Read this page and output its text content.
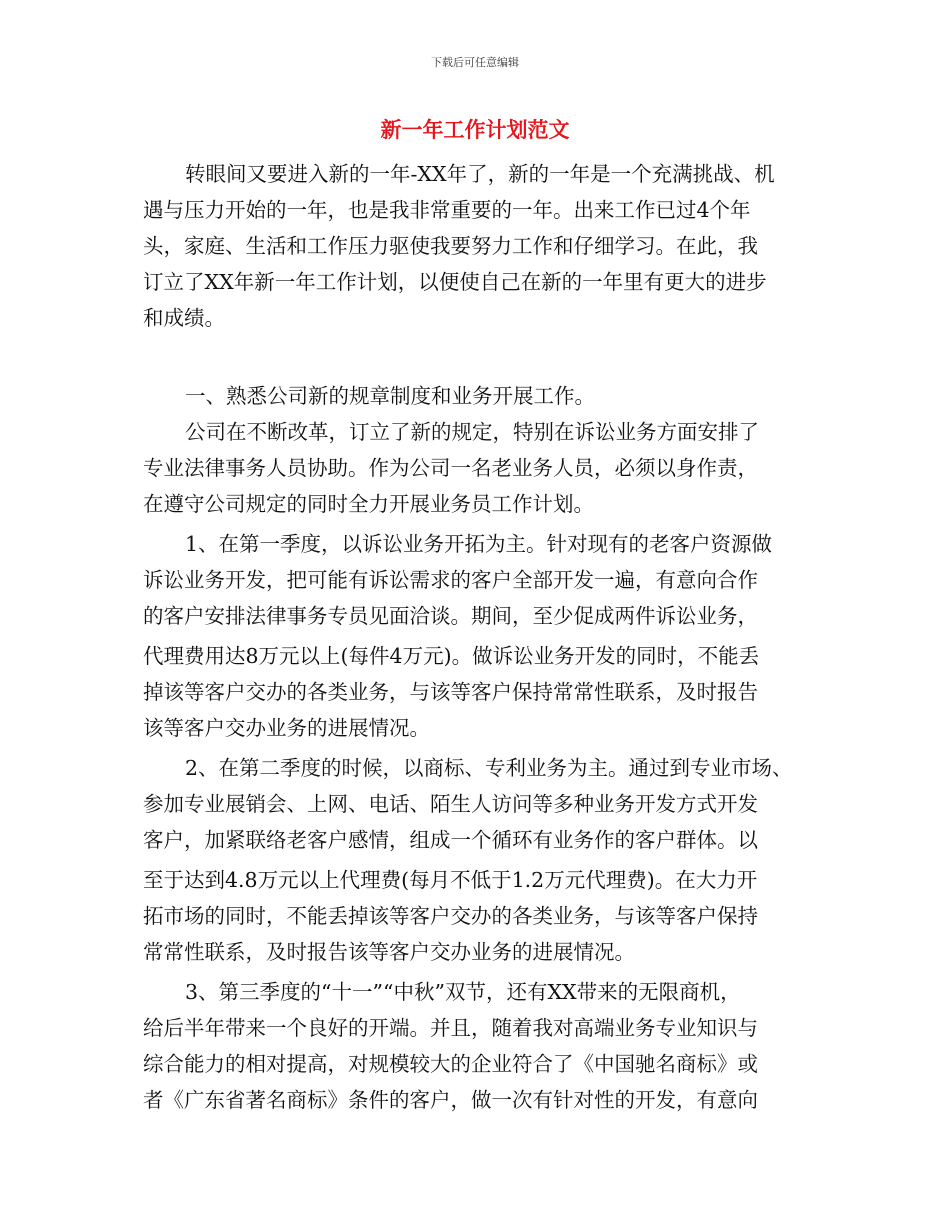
下载后可任意编辑
新一年工作计划范文
转眼间又要进入新的一年-XX年了，新的一年是一个充满挑战、机
遇与压力开始的一年，也是我非常重要的一年。出来工作已过4个年
头，家庭、生活和工作压力驱使我要努力工作和仔细学习。在此，我
订立了XX年新一年工作计划，以便使自己在新的一年里有更大的进步
和成绩。
一、熟悉公司新的规章制度和业务开展工作。
公司在不断改革，订立了新的规定，特别在诉讼业务方面安排了
专业法律事务人员协助。作为公司一名老业务人员，必须以身作责，
在遵守公司规定的同时全力开展业务员工作计划。
1、在第一季度，以诉讼业务开拓为主。针对现有的老客户资源做
诉讼业务开发，把可能有诉讼需求的客户全部开发一遍，有意向合作
的客户安排法律事务专员见面洽谈。期间，至少促成两件诉讼业务，
代理费用达8万元以上(每件4万元)。做诉讼业务开发的同时，不能丢
掉该等客户交办的各类业务，与该等客户保持常常性联系，及时报告
该等客户交办业务的进展情况。
2、在第二季度的时候，以商标、专利业务为主。通过到专业市场、
参加专业展销会、上网、电话、陌生人访问等多种业务开发方式开发
客户，加紧联络老客户感情，组成一个循环有业务作的客户群体。以
至于达到4.8万元以上代理费(每月不低于1.2万元代理费)。在大力开
拓市场的同时，不能丢掉该等客户交办的各类业务，与该等客户保持
常常性联系，及时报告该等客户交办业务的进展情况。
3、第三季度的“十一”“中秋”双节，还有XX带来的无限商机，
给后半年带来一个良好的开端。并且，随着我对高端业务专业知识与
综合能力的相对提高，对规模较大的企业符合了《中国驰名商标》或
者《广东省著名商标》条件的客户，做一次有针对性的开发，有意向
